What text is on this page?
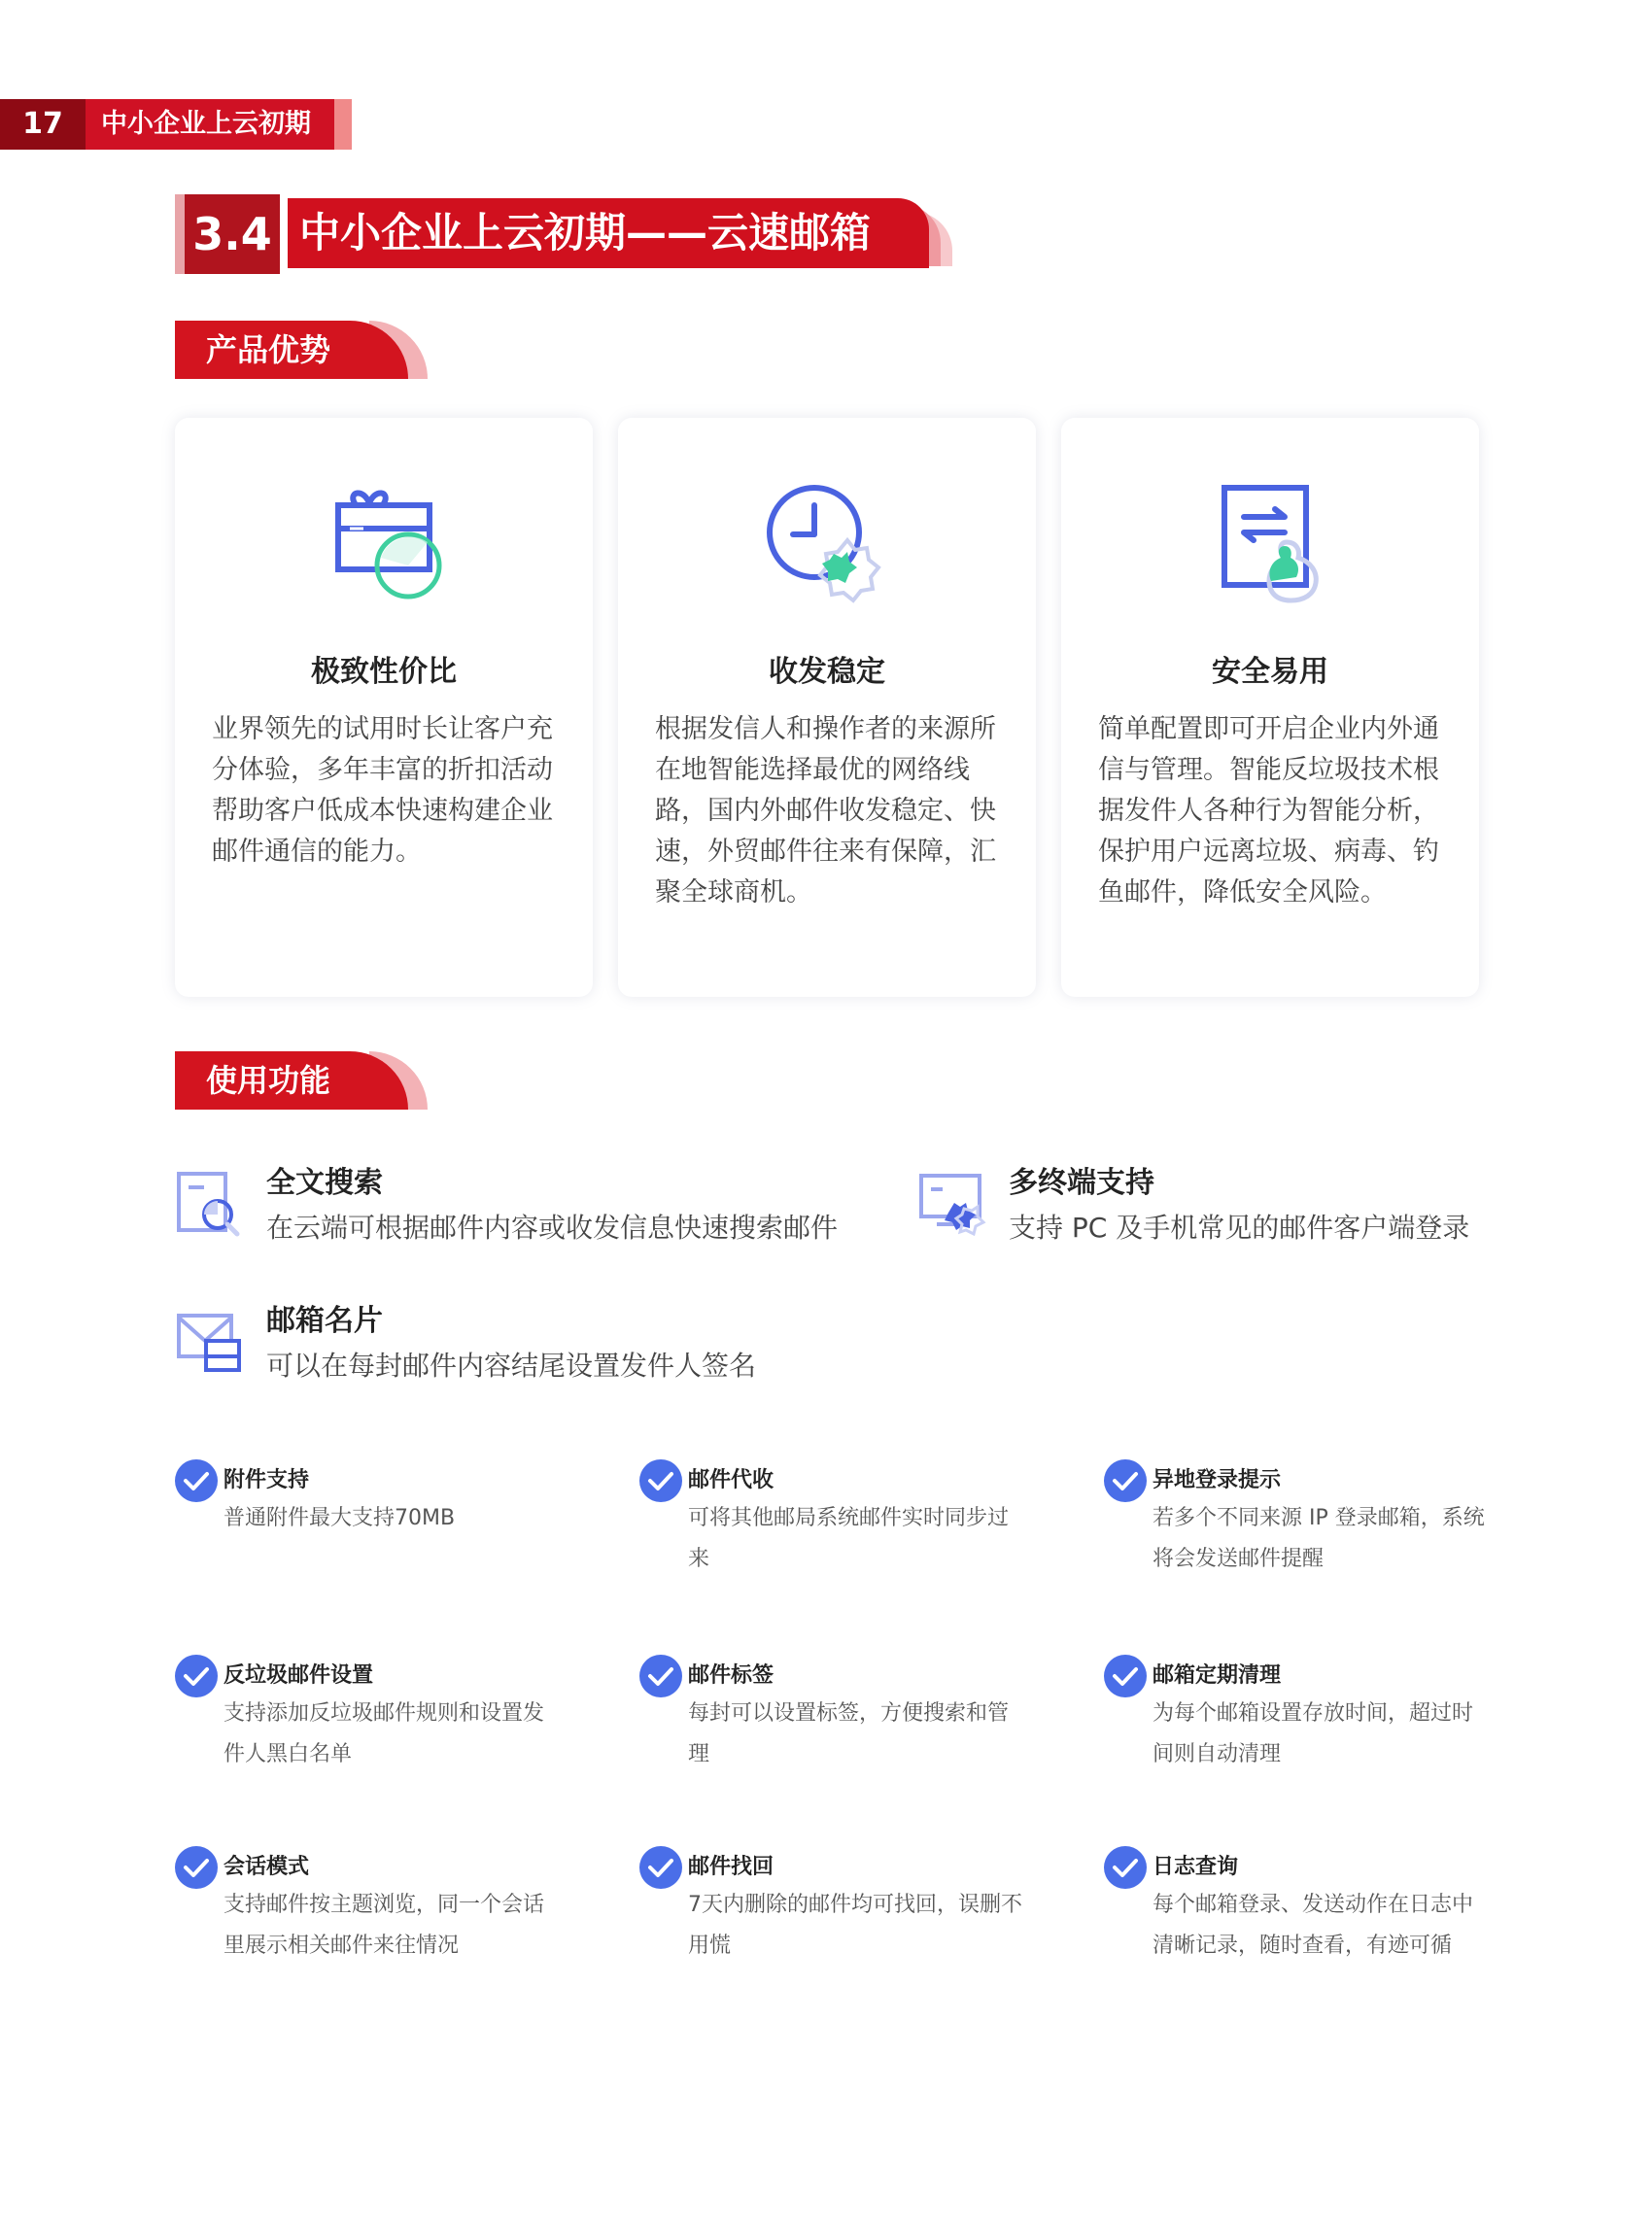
17	中小企业上云初期
3.4 中小企业上云初期——云速邮箱
产品优势
极致性价比
业界领先的试用时长让客户充分体验，多年丰富的折扣活动帮助客户低成本快速构建企业邮件通信的能力。
收发稳定
根据发信人和操作者的来源所在地智能选择最优的网络线路，国内外邮件收发稳定、快速，外贸邮件往来有保障，汇聚全球商机。
安全易用
简单配置即可开启企业内外通信与管理。智能反垃圾技术根据发件人各种行为智能分析，保护用户远离垃圾、病毒、钓鱼邮件，降低安全风险。
使用功能
全文搜索
在云端可根据邮件内容或收发信息快速搜索邮件
多终端支持
支持 PC 及手机常见的邮件客户端登录
邮箱名片
可以在每封邮件内容结尾设置发件人签名
附件支持
普通附件最大支持70MB
邮件代收
可将其他邮局系统邮件实时同步过来
异地登录提示
若多个不同来源 IP 登录邮箱，系统将会发送邮件提醒
反垃圾邮件设置
支持添加反垃圾邮件规则和设置发件人黑白名单
邮件标签
每封可以设置标签，方便搜索和管理
邮箱定期清理
为每个邮箱设置存放时间，超过时间则自动清理
会话模式
支持邮件按主题浏览，同一个会话里展示相关邮件来往情况
邮件找回
7天内删除的邮件均可找回，误删不用慌
日志查询
每个邮箱登录、发送动作在日志中清晰记录，随时查看，有迹可循
